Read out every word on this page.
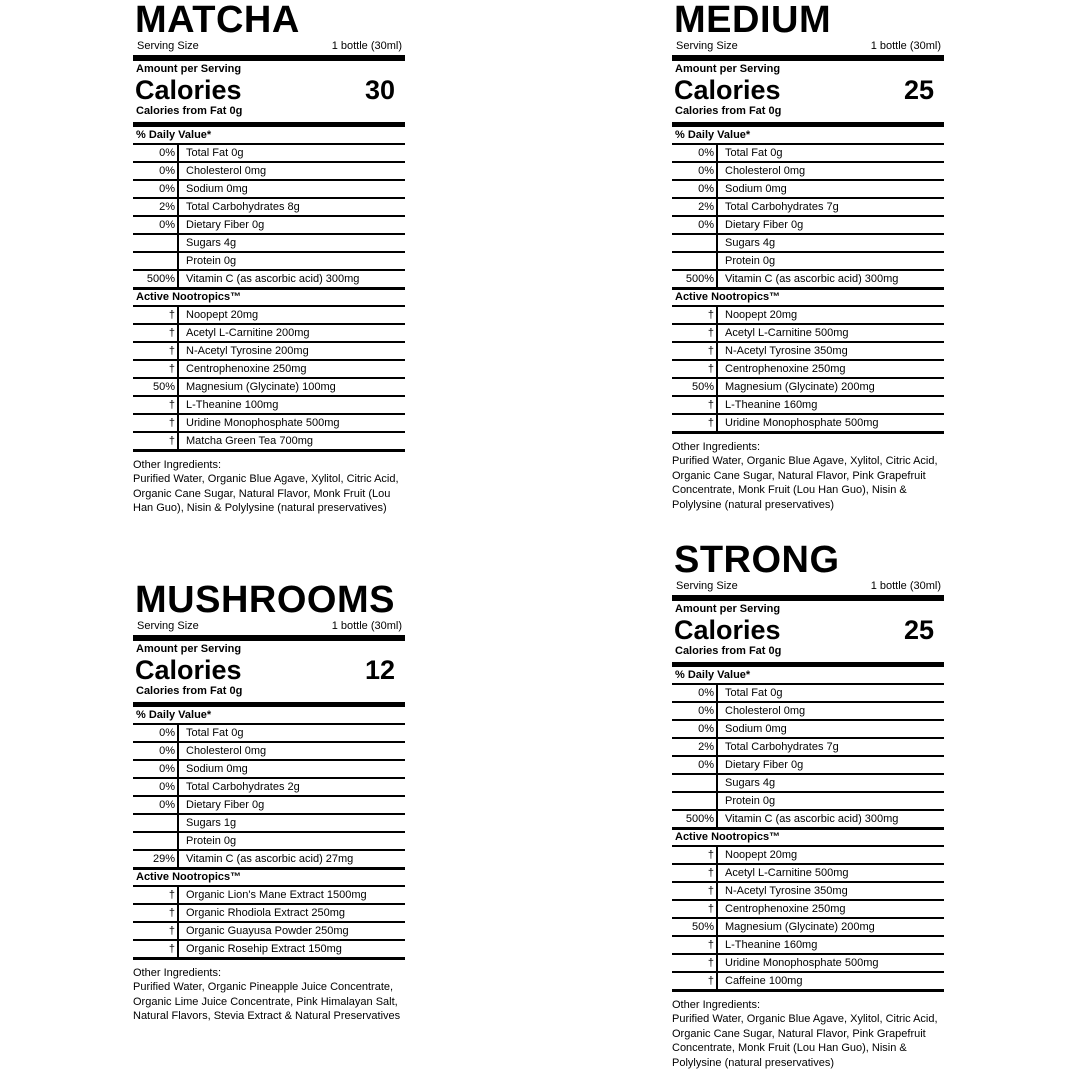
MATCHA
Serving Size	1 bottle (30ml)
Amount per Serving
Calories	30
Calories from Fat 0g
% Daily Value*
0%	Total Fat 0g
0%	Cholesterol 0mg
0%	Sodium 0mg
2%	Total Carbohydrates 8g
0%	Dietary Fiber 0g
Sugars 4g
Protein 0g
500%	Vitamin C (as ascorbic acid) 300mg
Active Nootropics™
†	Noopept 20mg
†	Acetyl L-Carnitine 200mg
†	N-Acetyl Tyrosine 200mg
†	Centrophenoxine 250mg
50%	Magnesium (Glycinate) 100mg
†	L-Theanine 100mg
†	Uridine Monophosphate 500mg
†	Matcha Green Tea 700mg
Other Ingredients:
Purified Water, Organic Blue Agave, Xylitol, Citric Acid, Organic Cane Sugar, Natural Flavor, Monk Fruit (Lou Han Guo), Nisin & Polylysine (natural preservatives)
MEDIUM
Serving Size	1 bottle (30ml)
Amount per Serving
Calories	25
Calories from Fat 0g
% Daily Value*
0%	Total Fat 0g
0%	Cholesterol 0mg
0%	Sodium 0mg
2%	Total Carbohydrates 7g
0%	Dietary Fiber 0g
Sugars 4g
Protein 0g
500%	Vitamin C (as ascorbic acid) 300mg
Active Nootropics™
†	Noopept 20mg
†	Acetyl L-Carnitine 500mg
†	N-Acetyl Tyrosine 350mg
†	Centrophenoxine 250mg
50%	Magnesium (Glycinate) 200mg
†	L-Theanine 160mg
†	Uridine Monophosphate 500mg
Other Ingredients:
Purified Water, Organic Blue Agave, Xylitol, Citric Acid, Organic Cane Sugar, Natural Flavor, Pink Grapefruit Concentrate, Monk Fruit (Lou Han Guo), Nisin & Polylysine (natural preservatives)
MUSHROOMS
Serving Size	1 bottle (30ml)
Amount per Serving
Calories	12
Calories from Fat 0g
% Daily Value*
0%	Total Fat 0g
0%	Cholesterol 0mg
0%	Sodium 0mg
0%	Total Carbohydrates 2g
0%	Dietary Fiber 0g
Sugars 1g
Protein 0g
29%	Vitamin C (as ascorbic acid) 27mg
Active Nootropics™
†	Organic Lion's Mane Extract 1500mg
†	Organic Rhodiola Extract 250mg
†	Organic Guayusa Powder 250mg
†	Organic Rosehip Extract 150mg
Other Ingredients:
Purified Water, Organic Pineapple Juice Concentrate, Organic Lime Juice Concentrate, Pink Himalayan Salt, Natural Flavors, Stevia Extract & Natural Preservatives
STRONG
Serving Size	1 bottle (30ml)
Amount per Serving
Calories	25
Calories from Fat 0g
% Daily Value*
0%	Total Fat 0g
0%	Cholesterol 0mg
0%	Sodium 0mg
2%	Total Carbohydrates 7g
0%	Dietary Fiber 0g
Sugars 4g
Protein 0g
500%	Vitamin C (as ascorbic acid) 300mg
Active Nootropics™
†	Noopept 20mg
†	Acetyl L-Carnitine 500mg
†	N-Acetyl Tyrosine 350mg
†	Centrophenoxine 250mg
50%	Magnesium (Glycinate) 200mg
†	L-Theanine 160mg
†	Uridine Monophosphate 500mg
†	Caffeine 100mg
Other Ingredients:
Purified Water, Organic Blue Agave, Xylitol, Citric Acid, Organic Cane Sugar, Natural Flavor, Pink Grapefruit Concentrate, Monk Fruit (Lou Han Guo), Nisin & Polylysine (natural preservatives)
